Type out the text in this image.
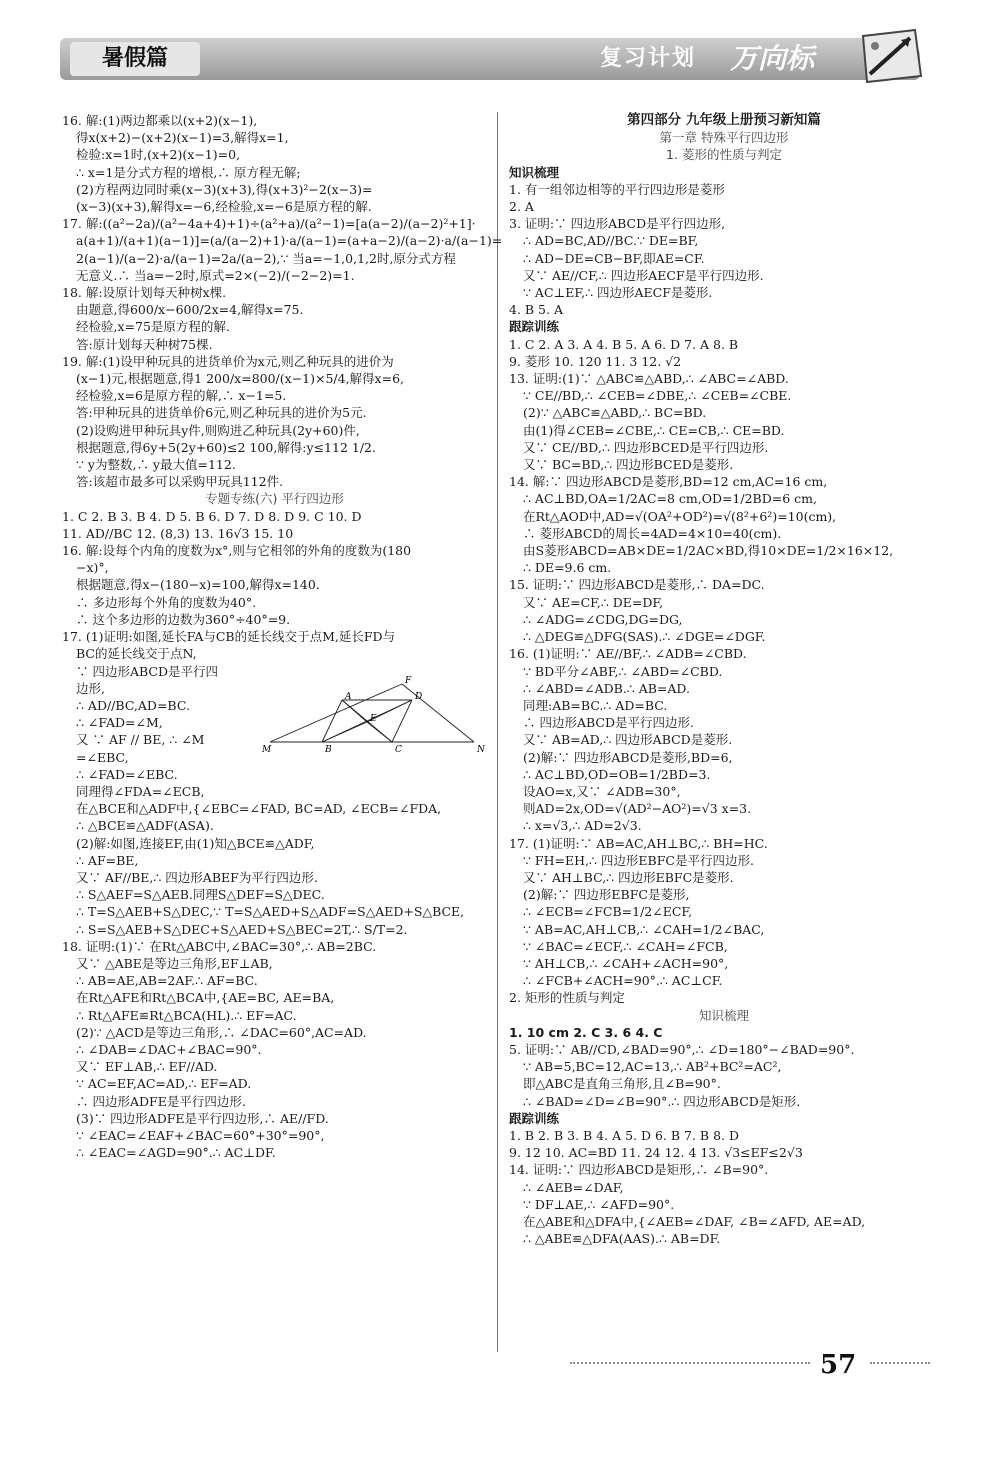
暑假篇	复习计划	万向标
16. 解:(1)两边都乘以(x+2)(x−1),
得x(x+2)−(x+2)(x−1)=3,解得x=1,
检验:x=1时,(x+2)(x−1)=0,
∴ x=1是分式方程的增根,∴ 原方程无解;
(2)方程两边同时乘(x−3)(x+3),得(x+3)²−2(x−3)=
(x−3)(x+3),解得x=−6,经检验,x=−6是原方程的解.
17. 解:((a²−2a)/(a²−4a+4)+1)÷(a²+a)/(a²−1)=[a(a−2)/(a−2)²+1]·
a(a+1)/(a+1)(a−1)]=(a/(a−2)+1)·a/(a−1)=(a+a−2)/(a−2)·a/(a−1)=
2(a−1)/(a−2)·a/(a−1)=2a/(a−2),∵ 当a=−1,0,1,2时,原分式方程
无意义.∴ 当a=−2时,原式=2×(−2)/(−2−2)=1.
18. 解:设原计划每天种树x棵.
由题意,得600/x−600/2x=4,解得x=75.
经检验,x=75是原方程的解.
答:原计划每天种树75棵.
19. 解:(1)设甲种玩具的进货单价为x元,则乙种玩具的进价为
(x−1)元,根据题意,得1 200/x=800/(x−1)×5/4,解得x=6,
经检验,x=6是原方程的解,∴ x−1=5.
答:甲种玩具的进货单价6元,则乙种玩具的进价为5元.
(2)设购进甲种玩具y件,则购进乙种玩具(2y+60)件,
根据题意,得6y+5(2y+60)≤2 100,解得:y≤112 1/2.
∵ y为整数,∴ y最大值=112.
答:该超市最多可以采购甲玩具112件.
专题专练(六) 平行四边形
1. C 2. B 3. B 4. D 5. B 6. D 7. D 8. D 9. C 10. D
11. AD//BC 12. (8,3) 13. 16√3 15. 10
16. 解:设每个内角的度数为x°,则与它相邻的外角的度数为(180
−x)°,
根据题意,得x−(180−x)=100,解得x=140.
∴ 多边形每个外角的度数为40°.
∴ 这个多边形的边数为360°÷40°=9.
17. (1)证明:如图,延长FA与CB的延长线交于点M,延长FD与
BC的延长线交于点N,
∵ 四边形ABCD是平行四
边形,
∴ AD//BC,AD=BC.
∴ ∠FAD=∠M,
又 ∵ AF // BE, ∴ ∠M
=∠EBC,
∴ ∠FAD=∠EBC.
同理得∠FDA=∠ECB,
F
A	D
E
M	B	C	N
在△BCE和△ADF中,{∠EBC=∠FAD, BC=AD, ∠ECB=∠FDA,
∴ △BCE≌△ADF(ASA).
(2)解:如图,连接EF,由(1)知△BCE≌△ADF,
∴ AF=BE,
又∵ AF//BE,∴ 四边形ABEF为平行四边形.
∴ S△AEF=S△AEB.同理S△DEF=S△DEC.
∴ T=S△AEB+S△DEC,∵ T=S△AED+S△ADF=S△AED+S△BCE,
∴ S=S△AEB+S△DEC+S△AED+S△BEC=2T,∴ S/T=2.
18. 证明:(1)∵ 在Rt△ABC中,∠BAC=30°,∴ AB=2BC.
又∵ △ABE是等边三角形,EF⊥AB,
∴ AB=AE,AB=2AF.∴ AF=BC.
在Rt△AFE和Rt△BCA中,{AE=BC, AE=BA,
∴ Rt△AFE≌Rt△BCA(HL).∴ EF=AC.
(2)∵ △ACD是等边三角形,∴ ∠DAC=60°,AC=AD.
∴ ∠DAB=∠DAC+∠BAC=90°.
又∵ EF⊥AB,∴ EF//AD.
∵ AC=EF,AC=AD,∴ EF=AD.
∴ 四边形ADFE是平行四边形.
(3)∵ 四边形ADFE是平行四边形,∴ AE//FD.
∵ ∠EAC=∠EAF+∠BAC=60°+30°=90°,
∴ ∠EAC=∠AGD=90°.∴ AC⊥DF.
第四部分 九年级上册预习新知篇
第一章 特殊平行四边形
1. 菱形的性质与判定
知识梳理
1. 有一组邻边相等的平行四边形是菱形
2. A
3. 证明:∵ 四边形ABCD是平行四边形,
∴ AD=BC,AD//BC.∵ DE=BF,
∴ AD−DE=CB−BF,即AE=CF.
又∵ AE//CF,∴ 四边形AECF是平行四边形.
∵ AC⊥EF,∴ 四边形AECF是菱形.
4. B 5. A
跟踪训练
1. C 2. A 3. A 4. B 5. A 6. D 7. A 8. B
9. 菱形 10. 120 11. 3 12. √2
13. 证明:(1)∵ △ABC≌△ABD,∴ ∠ABC=∠ABD.
∵ CE//BD,∴ ∠CEB=∠DBE,∴ ∠CEB=∠CBE.
(2)∵ △ABC≌△ABD,∴ BC=BD.
由(1)得∠CEB=∠CBE,∴ CE=CB,∴ CE=BD.
又∵ CE//BD,∴ 四边形BCED是平行四边形.
又∵ BC=BD,∴ 四边形BCED是菱形.
14. 解:∵ 四边形ABCD是菱形,BD=12 cm,AC=16 cm,
∴ AC⊥BD,OA=1/2AC=8 cm,OD=1/2BD=6 cm,
在Rt△AOD中,AD=√(OA²+OD²)=√(8²+6²)=10(cm),
∴ 菱形ABCD的周长=4AD=4×10=40(cm).
由S菱形ABCD=AB×DE=1/2AC×BD,得10×DE=1/2×16×12,
∴ DE=9.6 cm.
15. 证明:∵ 四边形ABCD是菱形,∴ DA=DC.
又∵ AE=CF,∴ DE=DF,
∴ ∠ADG=∠CDG,DG=DG,
∴ △DEG≌△DFG(SAS).∴ ∠DGE=∠DGF.
16. (1)证明:∵ AE//BF,∴ ∠ADB=∠CBD.
∵ BD平分∠ABF,∴ ∠ABD=∠CBD.
∴ ∠ABD=∠ADB.∴ AB=AD.
同理:AB=BC.∴ AD=BC.
∴ 四边形ABCD是平行四边形.
又∵ AB=AD,∴ 四边形ABCD是菱形.
(2)解:∵ 四边形ABCD是菱形,BD=6,
∴ AC⊥BD,OD=OB=1/2BD=3.
设AO=x,又∵ ∠ADB=30°,
则AD=2x,OD=√(AD²−AO²)=√3 x=3.
∴ x=√3,∴ AD=2√3.
17. (1)证明:∵ AB=AC,AH⊥BC,∴ BH=HC.
∵ FH=EH,∴ 四边形EBFC是平行四边形.
又∵ AH⊥BC,∴ 四边形EBFC是菱形.
(2)解:∵ 四边形EBFC是菱形,
∴ ∠ECB=∠FCB=1/2∠ECF,
∵ AB=AC,AH⊥CB,∴ ∠CAH=1/2∠BAC,
∵ ∠BAC=∠ECF,∴ ∠CAH=∠FCB,
∵ AH⊥CB,∴ ∠CAH+∠ACH=90°,
∴ ∠FCB+∠ACH=90°.∴ AC⊥CF.
2. 矩形的性质与判定
知识梳理
1. 10 cm 2. C 3. 6 4. C
5. 证明:∵ AB//CD,∠BAD=90°,∴ ∠D=180°−∠BAD=90°.
∵ AB=5,BC=12,AC=13,∴ AB²+BC²=AC²,
即△ABC是直角三角形,且∠B=90°.
∴ ∠BAD=∠D=∠B=90°.∴ 四边形ABCD是矩形.
跟踪训练
1. B 2. B 3. B 4. A 5. D 6. B 7. B 8. D
9. 12 10. AC=BD 11. 24 12. 4 13. √3≤EF≤2√3
14. 证明:∵ 四边形ABCD是矩形,∴ ∠B=90°.
∴ ∠AEB=∠DAF,
∵ DF⊥AE,∴ ∠AFD=90°.
在△ABE和△DFA中,{∠AEB=∠DAF, ∠B=∠AFD, AE=AD,
∴ △ABE≌△DFA(AAS).∴ AB=DF.
57
